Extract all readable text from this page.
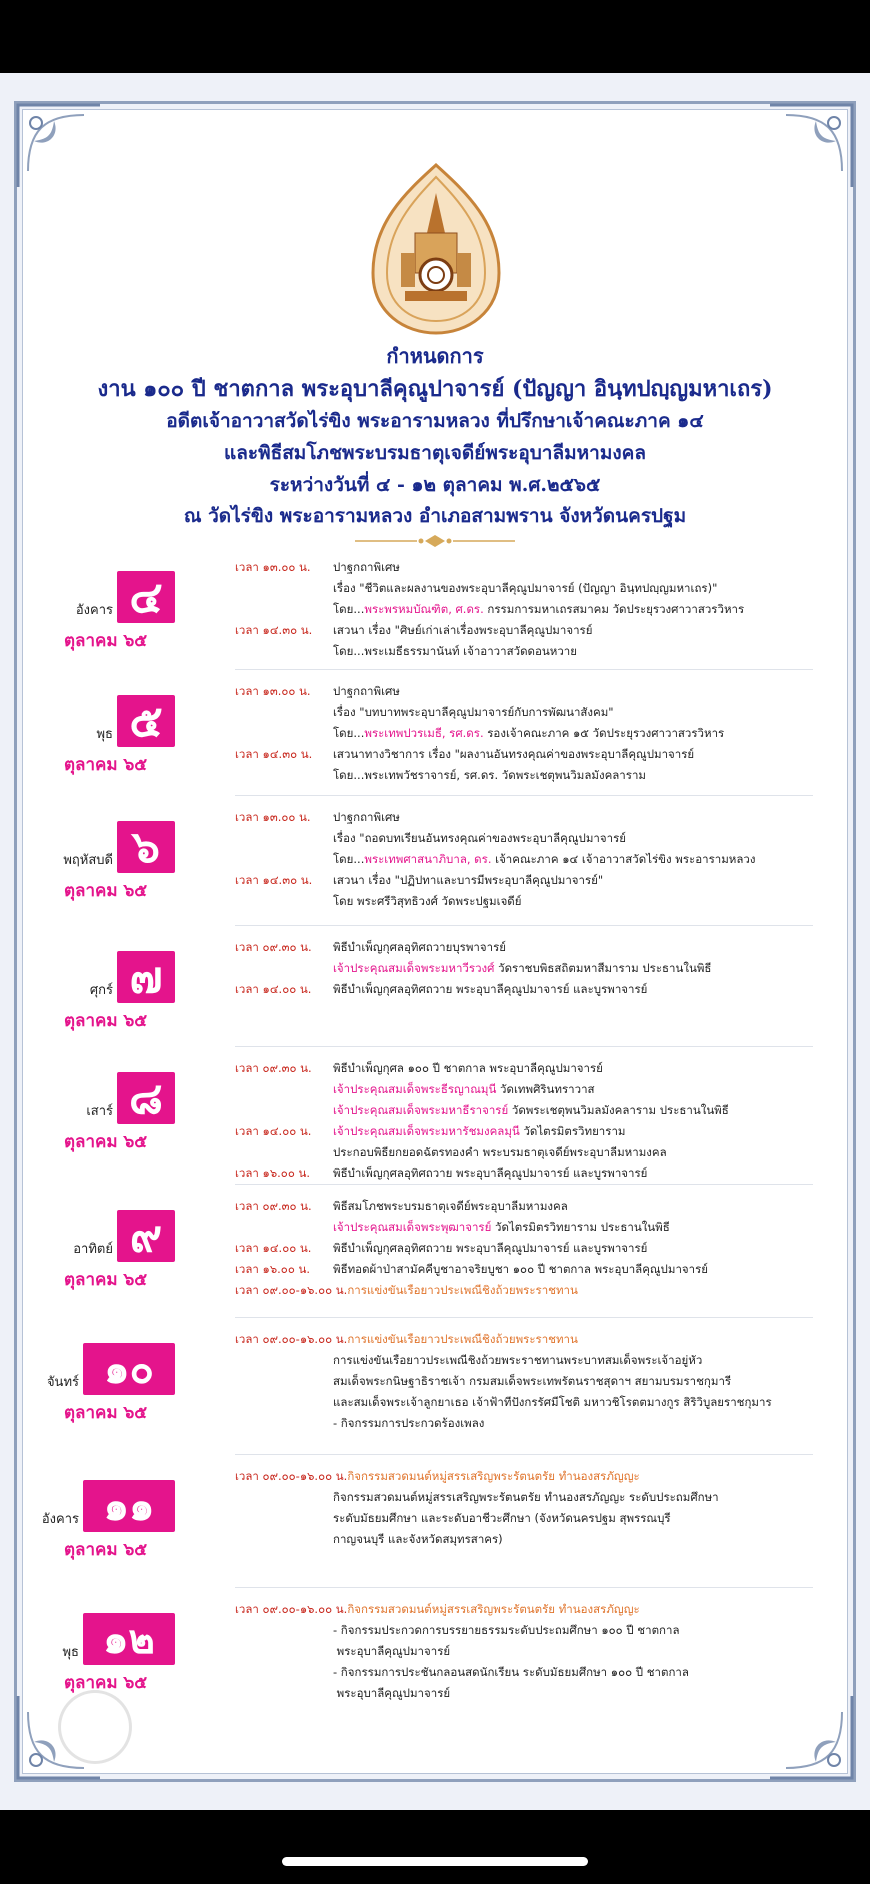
กำหนดการ
งาน ๑๐๐ ปี ชาตกาล พระอุบาลีคุณูปาจารย์ (ปัญญา อินฺทปญฺญมหาเถร)
อดีตเจ้าอาวาสวัดไร่ขิง พระอารามหลวง ที่ปรึกษาเจ้าคณะภาค ๑๔
และพิธีสมโภชพระบรมธาตุเจดีย์พระอุบาลีมหามงคล
ระหว่างวันที่ ๔ - ๑๒ ตุลาคม พ.ศ.๒๕๖๕
ณ วัดไร่ขิง พระอารามหลวง อำเภอสามพราน จังหวัดนครปฐม
อังคาร ๔
ตุลาคม ๖๕
เวลา ๑๓.๐๐ น. ปาฐกถาพิเศษ
เรื่อง "ชีวิตและผลงานของพระอุบาลีคุณูปมาจารย์ (ปัญญา อินฺทปญฺญมหาเถร)"
โดย...พระพรหมบัณฑิต, ศ.ดร. กรรมการมหาเถรสมาคม วัดประยุรวงศาวาสวรวิหาร
เวลา ๑๔.๓๐ น. เสวนา เรื่อง "ศิษย์เก่าเล่าเรื่องพระอุบาลีคุณูปมาจารย์
โดย...พระเมธีธรรมานันท์ เจ้าอาวาสวัดดอนหวาย
พุธ ๕
ตุลาคม ๖๕
เวลา ๑๓.๐๐ น. ปาฐกถาพิเศษ
เรื่อง "บทบาทพระอุบาลีคุณูปมาจารย์กับการพัฒนาสังคม"
โดย...พระเทพปวรเมธี, รศ.ดร. รองเจ้าคณะภาค ๑๕ วัดประยุรวงศาวาสวรวิหาร
เวลา ๑๔.๓๐ น. เสวนาทางวิชาการ เรื่อง "ผลงานอันทรงคุณค่าของพระอุบาลีคุณูปมาจารย์
โดย...พระเทพวัชราจารย์, รศ.ดร. วัดพระเชตุพนวิมลมังคลาราม
พฤหัสบดี ๖
ตุลาคม ๖๕
เวลา ๑๓.๐๐ น. ปาฐกถาพิเศษ
เรื่อง "ถอดบทเรียนอันทรงคุณค่าของพระอุบาลีคุณูปมาจารย์
โดย...พระเทพศาสนาภิบาล, ดร. เจ้าคณะภาค ๑๔ เจ้าอาวาสวัดไร่ขิง พระอารามหลวง
เวลา ๑๔.๓๐ น. เสวนา เรื่อง "ปฏิปทาและบารมีพระอุบาลีคุณูปมาจารย์"
โดย พระศรีวิสุทธิวงศ์ วัดพระปฐมเจดีย์
ศุกร์ ๗
ตุลาคม ๖๕
เวลา ๐๙.๓๐ น. พิธีบำเพ็ญกุศลอุทิศถวายบุรพาจารย์
เจ้าประคุณสมเด็จพระมหาวีรวงศ์ วัดราชบพิธสถิตมหาสีมาราม ประธานในพิธี
เวลา ๑๔.๐๐ น. พิธีบำเพ็ญกุศลอุทิศถวาย พระอุบาลีคุณูปมาจารย์ และบูรพาจารย์
เสาร์ ๘
ตุลาคม ๖๕
เวลา ๐๙.๓๐ น. พิธีบำเพ็ญกุศล ๑๐๐ ปี ชาตกาล พระอุบาลีคุณูปมาจารย์
เจ้าประคุณสมเด็จพระธีรญาณมุนี วัดเทพศิรินทราวาส
เจ้าประคุณสมเด็จพระมหาธีราจารย์ วัดพระเชตุพนวิมลมังคลาราม ประธานในพิธี
เวลา ๑๔.๐๐ น. เจ้าประคุณสมเด็จพระมหารัชมงคลมุนี วัดไตรมิตรวิทยาราม
ประกอบพิธียกยอดฉัตรทองคำ พระบรมธาตุเจดีย์พระอุบาลีมหามงคล
เวลา ๑๖.๐๐ น. พิธีบำเพ็ญกุศลอุทิศถวาย พระอุบาลีคุณูปมาจารย์ และบูรพาจารย์
อาทิตย์ ๙
ตุลาคม ๖๕
เวลา ๐๙.๓๐ น. พิธีสมโภชพระบรมธาตุเจดีย์พระอุบาลีมหามงคล
เจ้าประคุณสมเด็จพระพุฒาจารย์ วัดไตรมิตรวิทยาราม ประธานในพิธี
เวลา ๑๔.๐๐ น. พิธีบำเพ็ญกุศลอุทิศถวาย พระอุบาลีคุณูปมาจารย์ และบูรพาจารย์
เวลา ๑๖.๐๐ น. พิธีทอดผ้าป่าสามัคคีบูชาอาจริยบูชา ๑๐๐ ปี ชาตกาล พระอุบาลีคุณูปมาจารย์
เวลา ๐๙.๐๐-๑๖.๐๐ น.การแข่งขันเรือยาวประเพณีชิงถ้วยพระราชทาน
จันทร์ ๑๐
ตุลาคม ๖๕
เวลา ๐๙.๐๐-๑๖.๐๐ น.การแข่งขันเรือยาวประเพณีชิงถ้วยพระราชทาน
การแข่งขันเรือยาวประเพณีชิงถ้วยพระราชทานพระบาทสมเด็จพระเจ้าอยู่หัว
สมเด็จพระกนิษฐาธิราชเจ้า กรมสมเด็จพระเทพรัตนราชสุดาฯ สยามบรมราชกุมารี
และสมเด็จพระเจ้าลูกยาเธอ เจ้าฟ้าทีปังกรรัศมีโชติ มหาวชิโรตตมางกูร สิริวิบูลยราชกุมาร
- กิจกรรมการประกวดร้องเพลง
อังคาร ๑๑
ตุลาคม ๖๕
เวลา ๐๙.๐๐-๑๖.๐๐ น.กิจกรรมสวดมนต์หมู่สรรเสริญพระรัตนตรัย ทำนองสรภัญญะ
กิจกรรมสวดมนต์หมู่สรรเสริญพระรัตนตรัย ทำนองสรภัญญะ ระดับประถมศึกษา
ระดับมัธยมศึกษา และระดับอาชีวะศึกษา (จังหวัดนครปฐม สุพรรณบุรี
กาญจนบุรี และจังหวัดสมุทรสาคร)
พุธ ๑๒
ตุลาคม ๖๕
เวลา ๐๙.๐๐-๑๖.๐๐ น.กิจกรรมสวดมนต์หมู่สรรเสริญพระรัตนตรัย ทำนองสรภัญญะ
- กิจกรรมประกวดการบรรยายธรรมระดับประถมศึกษา ๑๐๐ ปี ชาตกาล
พระอุบาลีคุณูปมาจารย์
- กิจกรรมการประชันกลอนสดนักเรียน ระดับมัธยมศึกษา ๑๐๐ ปี ชาตกาล
พระอุบาลีคุณูปมาจารย์
